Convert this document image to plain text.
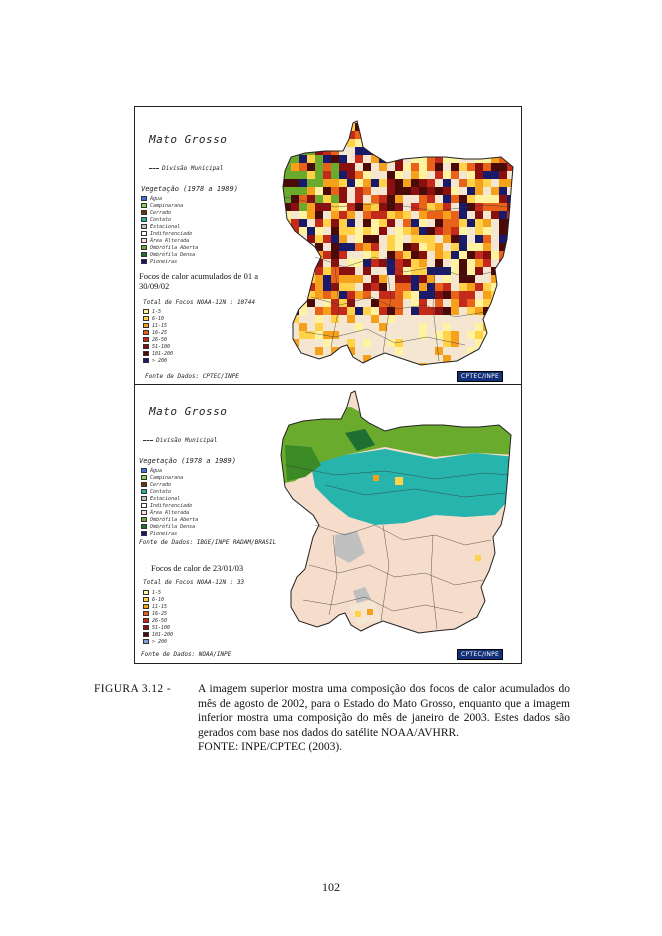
Mato Grosso
Divisão Municipal
Vegetação (1978 a 1989)
Água
Campinarana
Cerrado
Contato
Estacional
Indiferenciado
Área Alterada
Ombrófila Aberta
Ombrófila Densa
Pioneiras
Focos de calor acumulados de 01 a 30/09/02
Total de Focos NOAA-12N : 10744
1-5
6-10
11-15
16-25
26-50
51-100
101-200
> 200
Fonte de Dados: CPTEC/INPE	CPTEC/INPE
Mato Grosso
Divisão Municipal
Vegetação (1978 a 1989)
Água
Campinarana
Cerrado
Contato
Estacional
Indiferenciado
Área Alterada
Ombrófila Aberta
Ombrófila Densa
Pioneiras
Fonte de Dados: IBGE/INPE RADAM/BRASIL
Focos de calor de 23/01/03
Total de Focos NOAA-12N : 33
1-5
6-10
11-15
16-25
26-50
51-100
101-200
> 200
Fonte de Dados: NOAA/INPE	CPTEC/INPE
FIGURA 3.12 -	A imagem superior mostra uma composição dos focos de calor acumulados do mês de agosto de 2002, para o Estado do Mato Grosso, enquanto que a imagem inferior mostra uma composição do mês de janeiro de 2003. Estes dados são gerados com base nos dados do satélite NOAA/AVHRR.
FONTE: INPE/CPTEC (2003).
102
